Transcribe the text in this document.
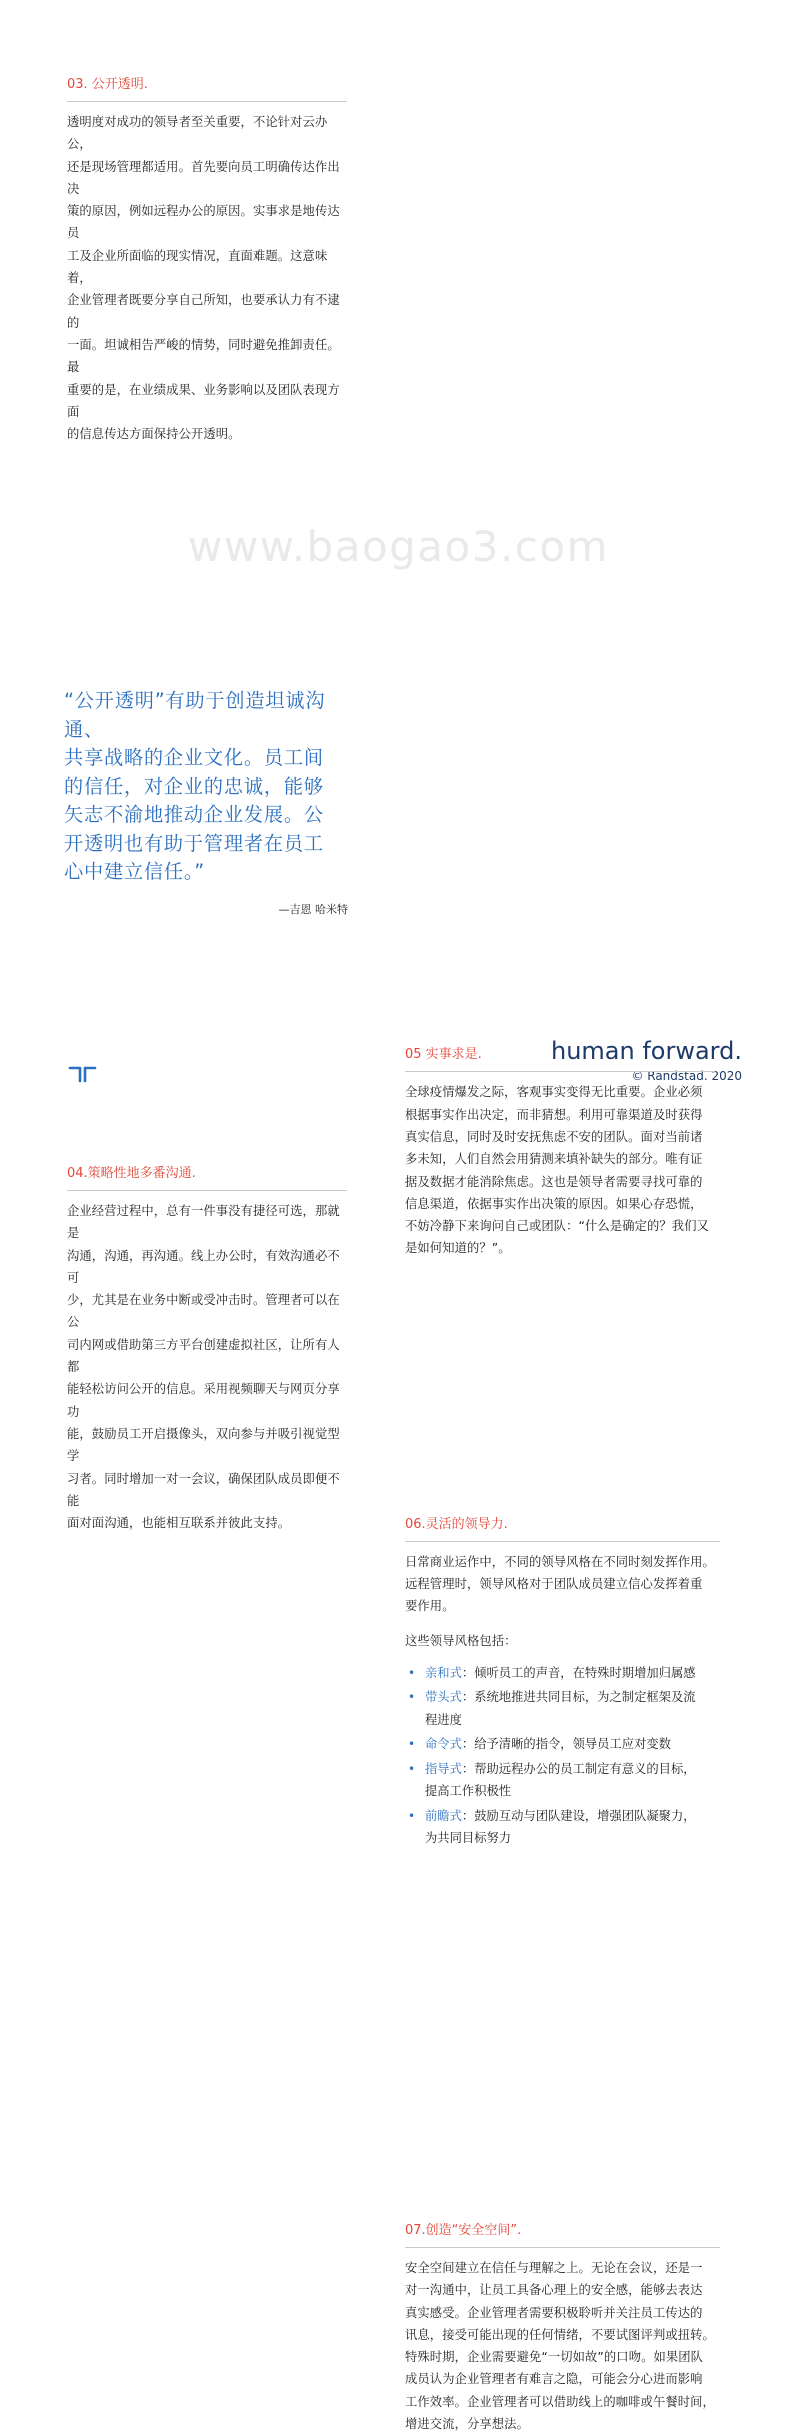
www.baogao3.com
03. 公开透明.

透明度对成功的领导者至关重要，不论针对云办公，
还是现场管理都适用。首先要向员工明确传达作出决
策的原因，例如远程办公的原因。实事求是地传达员
工及企业所面临的现实情况，直面难题。这意味着，
企业管理者既要分享自己所知，也要承认力有不逮的
一面。坦诚相告严峻的情势，同时避免推卸责任。最
重要的是，在业绩成果、业务影响以及团队表现方面
的信息传达方面保持公开透明。

“公开透明”有助于创造坦诚沟通、
共享战略的企业文化。员工间
的信任，对企业的忠诚，能够
矢志不渝地推动企业发展。公
开透明也有助于管理者在员工
心中建立信任。”

—吉恩 哈米特
04.策略性地多番沟通.

企业经营过程中，总有一件事没有捷径可选，那就是
沟通，沟通，再沟通。线上办公时，有效沟通必不可
少，尤其是在业务中断或受冲击时。管理者可以在公
司内网或借助第三方平台创建虚拟社区，让所有人都
能轻松访问公开的信息。采用视频聊天与网页分享功
能，鼓励员工开启摄像头，双向参与并吸引视觉型学
习者。同时增加一对一会议，确保团队成员即便不能
面对面沟通，也能相互联系并彼此支持。

05 实事求是.

全球疫情爆发之际，客观事实变得无比重要。企业必须
根据事实作出决定，而非猜想。利用可靠渠道及时获得
真实信息，同时及时安抚焦虑不安的团队。面对当前诸
多未知，人们自然会用猜测来填补缺失的部分。唯有证
据及数据才能消除焦虑。这也是领导者需要寻找可靠的
信息渠道，依据事实作出决策的原因。如果心存恐慌，
不妨冷静下来询问自己或团队：“什么是确定的？我们又
是如何知道的？”。

06.灵活的领导力.

日常商业运作中，不同的领导风格在不同时刻发挥作用。
远程管理时，领导风格对于团队成员建立信心发挥着重
要作用。

这些领导风格包括：

• 亲和式：倾听员工的声音，在特殊时期增加归属感
• 带头式：系统地推进共同目标，为之制定框架及流
程进度
• 命令式：给予清晰的指令，领导员工应对变数
• 指导式：帮助远程办公的员工制定有意义的目标，
提高工作积极性
• 前瞻式：鼓励互动与团队建设，增强团队凝聚力，
为共同目标努力
07.创造“安全空间”.

安全空间建立在信任与理解之上。无论在会议，还是一
对一沟通中，让员工具备心理上的安全感，能够去表达
真实感受。企业管理者需要积极聆听并关注员工传达的
讯息，接受可能出现的任何情绪，不要试图评判或扭转。
特殊时期，企业需要避免“一切如故”的口吻。如果团队
成员认为企业管理者有难言之隐，可能会分心进而影响
工作效率。企业管理者可以借助线上的咖啡或午餐时间，
增进交流，分享想法。

human forward.
© Randstad. 2020
